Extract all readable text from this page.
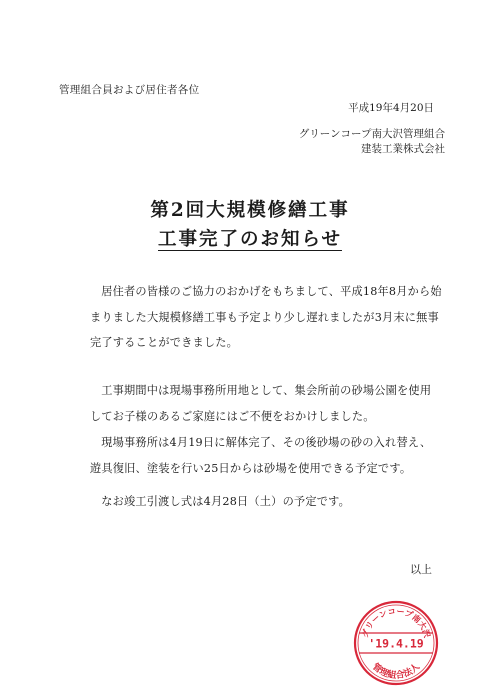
管理組合員および居住者各位
平成19年4月20日
グリーンコープ南大沢管理組合
建装工業株式会社
第2回大規模修繕工事
工事完了のお知らせ

居住者の皆様のご協力のおかげをもちまして、平成18年8月から始まりました大規模修繕工事も予定より少し遅れましたが3月末に無事完了することができました。

工事期間中は現場事務所用地として、集会所前の砂場公園を使用してお子様のあるご家庭にはご不便をおかけしました。

現場事務所は4月19日に解体完了、その後砂場の砂の入れ替え、遊具復旧、塗装を行い25日からは砂場を使用できる予定です。

なお竣工引渡し式は4月28日（土）の予定です。

以上
グリーンコープ南大沢
'19.4.19
管理組合法人
